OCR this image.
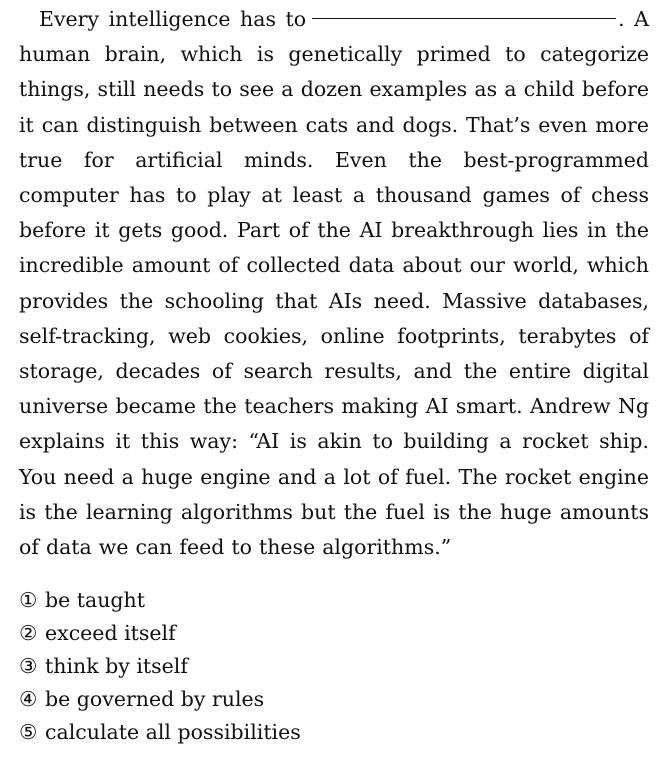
Every intelligence has to	. A human brain, which is genetically primed to categorize things, still needs to see a dozen examples as a child before it can distinguish between cats and dogs. That’s even more true for artificial minds. Even the best-programmed computer has to play at least a thousand games of chess before it gets good. Part of the AI breakthrough lies in the incredible amount of collected data about our world, which provides the schooling that AIs need. Massive databases, self-tracking, web cookies, online footprints, terabytes of storage, decades of search results, and the entire digital universe became the teachers making AI smart. Andrew Ng explains it this way: “AI is akin to building a rocket ship. You need a huge engine and a lot of fuel. The rocket engine is the learning algorithms but the fuel is the huge amounts of data we can feed to these algorithms.”
① be taught
② exceed itself
③ think by itself
④ be governed by rules
⑤ calculate all possibilities
